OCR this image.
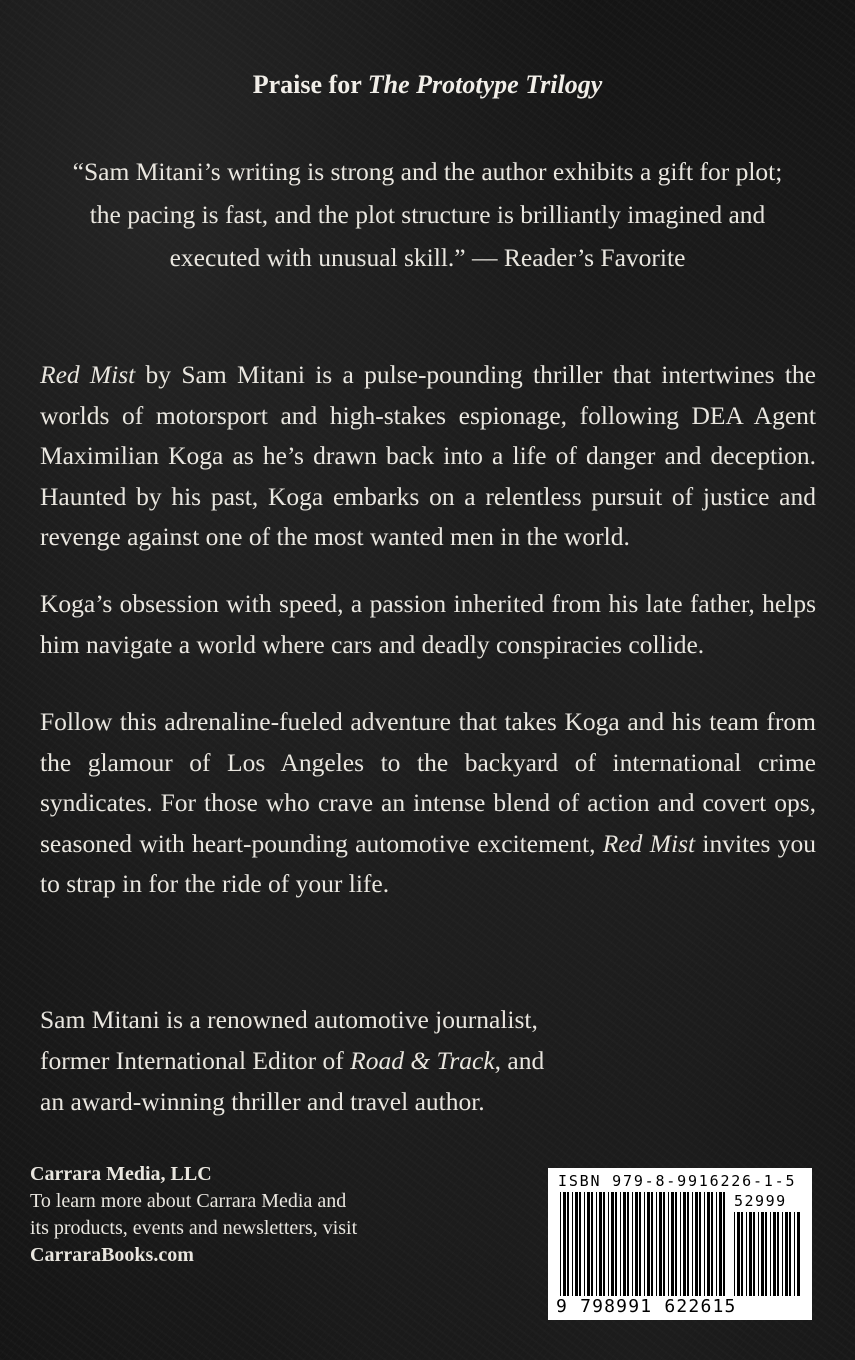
Praise for The Prototype Trilogy
“Sam Mitani’s writing is strong and the author exhibits a gift for plot; the pacing is fast, and the plot structure is brilliantly imagined and executed with unusual skill.” — Reader’s Favorite

Red Mist by Sam Mitani is a pulse-pounding thriller that intertwines the worlds of motorsport and high-stakes espionage, following DEA Agent Maximilian Koga as he’s drawn back into a life of danger and deception. Haunted by his past, Koga embarks on a relentless pursuit of justice and revenge against one of the most wanted men in the world.

Koga’s obsession with speed, a passion inherited from his late father, helps him navigate a world where cars and deadly conspiracies collide.

Follow this adrenaline-fueled adventure that takes Koga and his team from the glamour of Los Angeles to the backyard of international crime syndicates. For those who crave an intense blend of action and covert ops, seasoned with heart-pounding automotive excitement, Red Mist invites you to strap in for the ride of your life.

Sam Mitani is a renowned automotive journalist,
former International Editor of Road & Track, and
an award-winning thriller and travel author.
Carrara Media, LLC
To learn more about Carrara Media and
its products, events and newsletters, visit
CarraraBooks.com
ISBN 979-8-9916226-1-5
52999
9 798991 622615
